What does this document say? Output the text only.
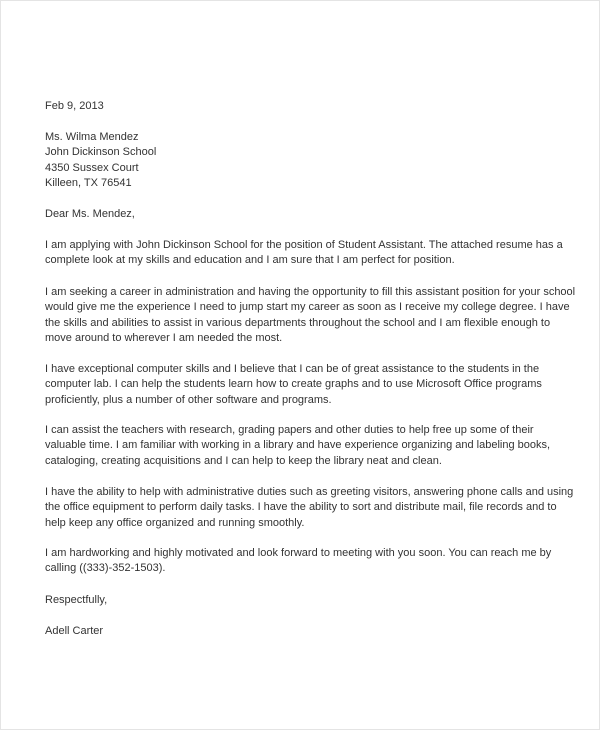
Feb 9, 2013
Ms. Wilma Mendez
John Dickinson School
4350 Sussex Court
Killeen, TX 76541
Dear Ms. Mendez,
I am applying with John Dickinson School for the position of Student Assistant. The attached resume has a
complete look at my skills and education and I am sure that I am perfect for position.
I am seeking a career in administration and having the opportunity to fill this assistant position for your school
would give me the experience I need to jump start my career as soon as I receive my college degree. I have
the skills and abilities to assist in various departments throughout the school and I am flexible enough to
move around to wherever I am needed the most.
I have exceptional computer skills and I believe that I can be of great assistance to the students in the
computer lab. I can help the students learn how to create graphs and to use Microsoft Office programs
proficiently, plus a number of other software and programs.
I can assist the teachers with research, grading papers and other duties to help free up some of their
valuable time. I am familiar with working in a library and have experience organizing and labeling books,
cataloging, creating acquisitions and I can help to keep the library neat and clean.
I have the ability to help with administrative duties such as greeting visitors, answering phone calls and using
the office equipment to perform daily tasks. I have the ability to sort and distribute mail, file records and to
help keep any office organized and running smoothly.
I am hardworking and highly motivated and look forward to meeting with you soon. You can reach me by
calling ((333)-352-1503).
Respectfully,
Adell Carter
